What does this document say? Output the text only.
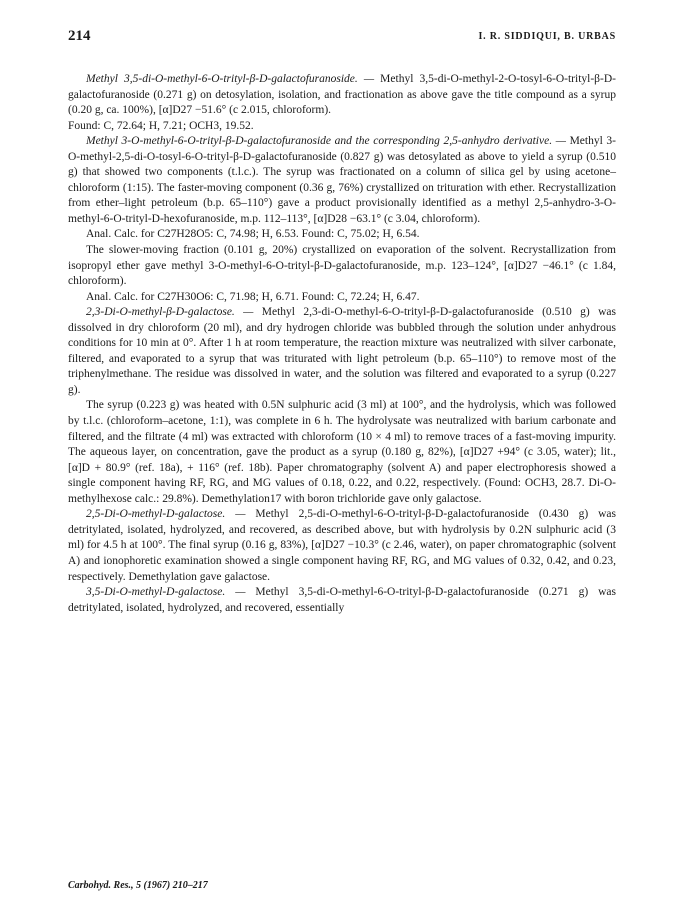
214	I. R. SIDDIQUI, B. URBAS

Methyl 3,5-di-O-methyl-6-O-trityl-β-D-galactofuranoside. — Methyl 3,5-di-O-methyl-2-O-tosyl-6-O-trityl-β-D-galactofuranoside (0.271 g) on detosylation, isolation, and fractionation as above gave the title compound as a syrup (0.20 g, ca. 100%), [α]D27 −51.6° (c 2.015, chloroform).

Found: C, 72.64; H, 7.21; OCH3, 19.52.

Methyl 3-O-methyl-6-O-trityl-β-D-galactofuranoside and the corresponding 2,5-anhydro derivative. — Methyl 3-O-methyl-2,5-di-O-tosyl-6-O-trityl-β-D-galactofuranoside (0.827 g) was detosylated as above to yield a syrup (0.510 g) that showed two components (t.l.c.). The syrup was fractionated on a column of silica gel by using acetone–chloroform (1:15). The faster-moving component (0.36 g, 76%) crystallized on trituration with ether. Recrystallization from ether–light petroleum (b.p. 65–110°) gave a product provisionally identified as a methyl 2,5-anhydro-3-O-methyl-6-O-trityl-D-hexofuranoside, m.p. 112–113°, [α]D28 −63.1° (c 3.04, chloroform).

Anal. Calc. for C27H28O5: C, 74.98; H, 6.53. Found: C, 75.02; H, 6.54.

The slower-moving fraction (0.101 g, 20%) crystallized on evaporation of the solvent. Recrystallization from isopropyl ether gave methyl 3-O-methyl-6-O-trityl-β-D-galactofuranoside, m.p. 123–124°, [α]D27 −46.1° (c 1.84, chloroform).

Anal. Calc. for C27H30O6: C, 71.98; H, 6.71. Found: C, 72.24; H, 6.47.

2,3-Di-O-methyl-β-D-galactose. — Methyl 2,3-di-O-methyl-6-O-trityl-β-D-galactofuranoside (0.510 g) was dissolved in dry chloroform (20 ml), and dry hydrogen chloride was bubbled through the solution under anhydrous conditions for 10 min at 0°. After 1 h at room temperature, the reaction mixture was neutralized with silver carbonate, filtered, and evaporated to a syrup that was triturated with light petroleum (b.p. 65–110°) to remove most of the triphenylmethane. The residue was dissolved in water, and the solution was filtered and evaporated to a syrup (0.227 g).

The syrup (0.223 g) was heated with 0.5N sulphuric acid (3 ml) at 100°, and the hydrolysis, which was followed by t.l.c. (chloroform–acetone, 1:1), was complete in 6 h. The hydrolysate was neutralized with barium carbonate and filtered, and the filtrate (4 ml) was extracted with chloroform (10 × 4 ml) to remove traces of a fast-moving impurity. The aqueous layer, on concentration, gave the product as a syrup (0.180 g, 82%), [α]D27 +94° (c 3.05, water); lit., [α]D + 80.9° (ref. 18a), + 116° (ref. 18b). Paper chromatography (solvent A) and paper electrophoresis showed a single component having RF, RG, and MG values of 0.18, 0.22, and 0.22, respectively. (Found: OCH3, 28.7. Di-O-methylhexose calc.: 29.8%). Demethylation17 with boron trichloride gave only galactose.

2,5-Di-O-methyl-D-galactose. — Methyl 2,5-di-O-methyl-6-O-trityl-β-D-galactofuranoside (0.430 g) was detritylated, isolated, hydrolyzed, and recovered, as described above, but with hydrolysis by 0.2N sulphuric acid (3 ml) for 4.5 h at 100°. The final syrup (0.16 g, 83%), [α]D27 −10.3° (c 2.46, water), on paper chromatographic (solvent A) and ionophoretic examination showed a single component having RF, RG, and MG values of 0.32, 0.42, and 0.23, respectively. Demethylation gave galactose.

3,5-Di-O-methyl-D-galactose. — Methyl 3,5-di-O-methyl-6-O-trityl-β-D-galactofuranoside (0.271 g) was detritylated, isolated, hydrolyzed, and recovered, essentially

Carbohyd. Res., 5 (1967) 210–217
